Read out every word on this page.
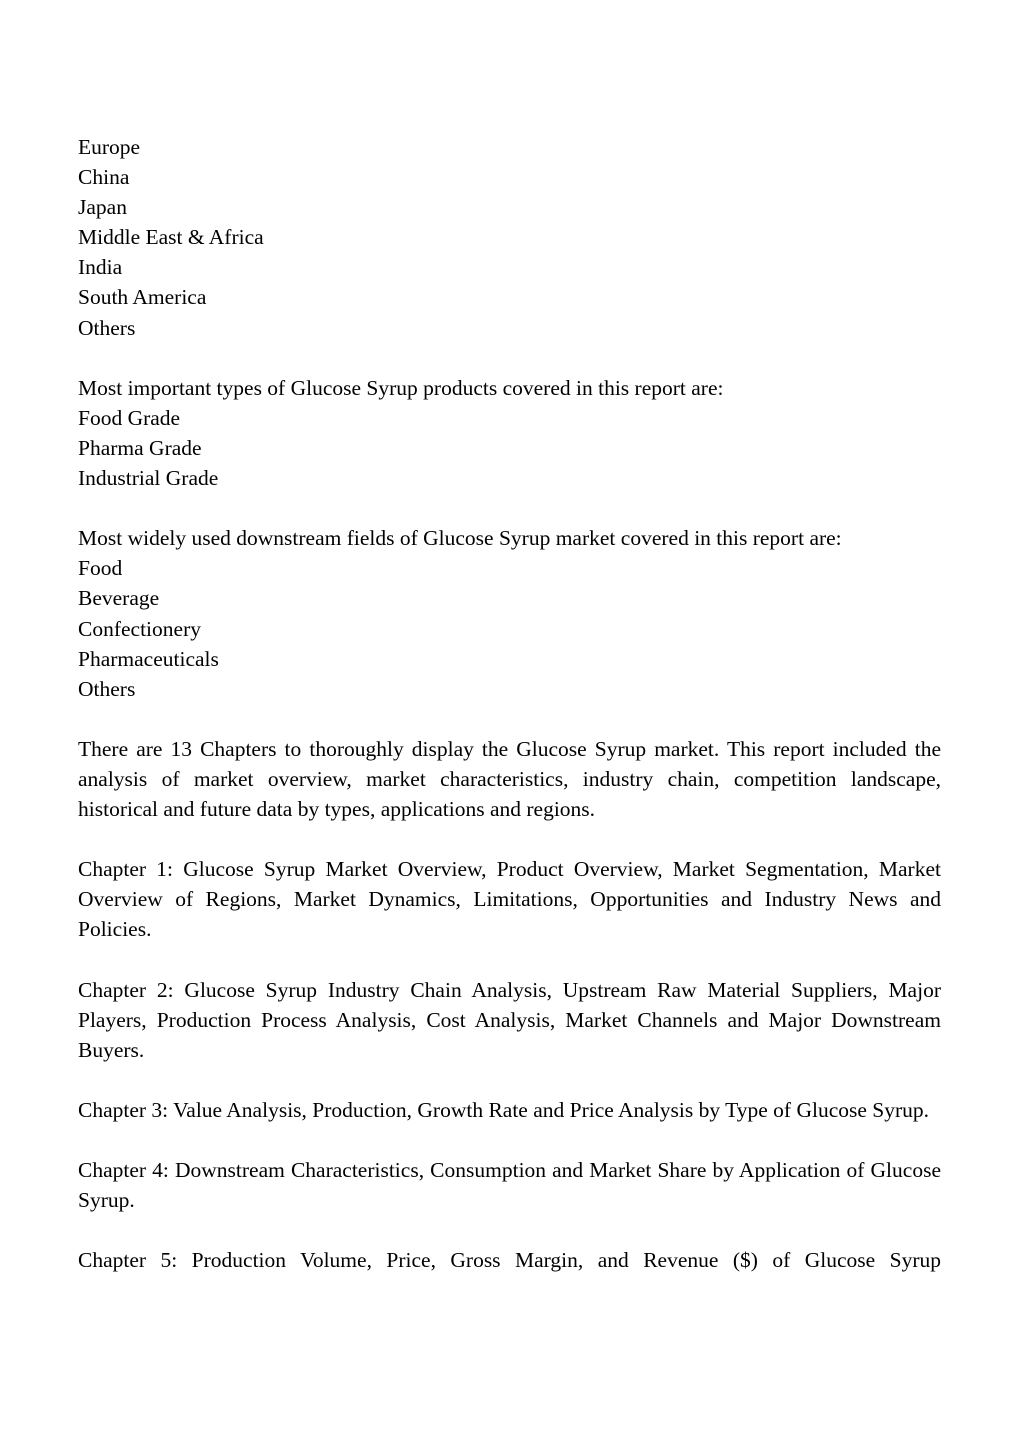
Europe
China
Japan
Middle East & Africa
India
South America
Others
Most important types of Glucose Syrup products covered in this report are:
Food Grade
Pharma Grade
Industrial Grade
Most widely used downstream fields of Glucose Syrup market covered in this report are:
Food
Beverage
Confectionery
Pharmaceuticals
Others

There are 13 Chapters to thoroughly display the Glucose Syrup market. This report included the analysis of market overview, market characteristics, industry chain, competition landscape, historical and future data by types, applications and regions.

Chapter 1: Glucose Syrup Market Overview, Product Overview, Market Segmentation, Market Overview of Regions, Market Dynamics, Limitations, Opportunities and Industry News and Policies.

Chapter 2: Glucose Syrup Industry Chain Analysis, Upstream Raw Material Suppliers, Major Players, Production Process Analysis, Cost Analysis, Market Channels and Major Downstream Buyers.

Chapter 3: Value Analysis, Production, Growth Rate and Price Analysis by Type of Glucose Syrup.

Chapter 4: Downstream Characteristics, Consumption and Market Share by Application of Glucose Syrup.

Chapter 5: Production Volume, Price, Gross Margin, and Revenue ($) of Glucose Syrup
